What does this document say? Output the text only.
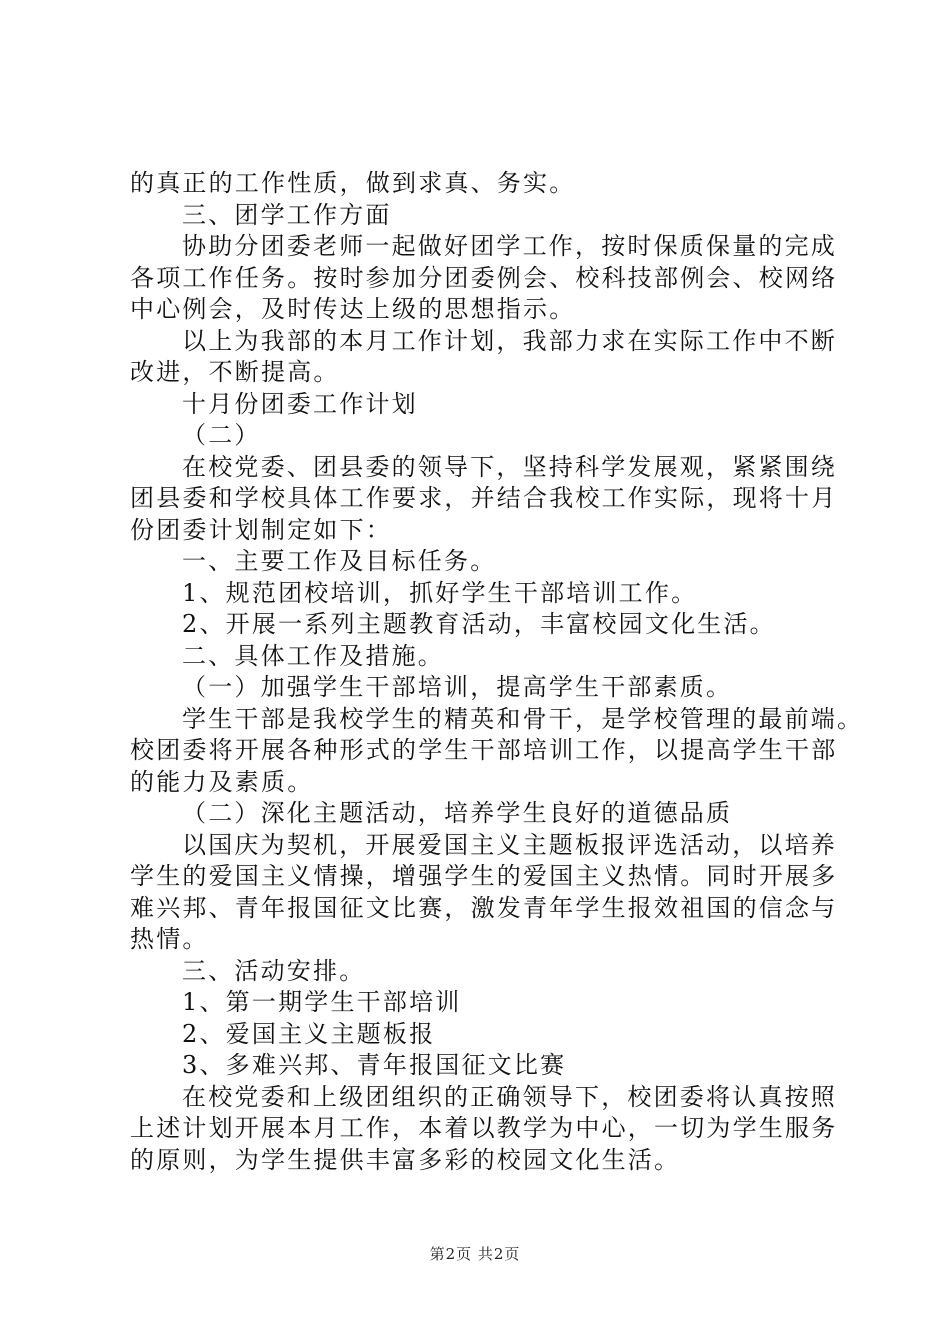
的真正的工作性质，做到求真、务实。
三、团学工作方面
协助分团委老师一起做好团学工作，按时保质保量的完成
各项工作任务。按时参加分团委例会、校科技部例会、校网络
中心例会，及时传达上级的思想指示。
以上为我部的本月工作计划，我部力求在实际工作中不断
改进，不断提高。
十月份团委工作计划
（二）
在校党委、团县委的领导下，坚持科学发展观，紧紧围绕
团县委和学校具体工作要求，并结合我校工作实际，现将十月
份团委计划制定如下：
一、主要工作及目标任务。
1、规范团校培训，抓好学生干部培训工作。
2、开展一系列主题教育活动，丰富校园文化生活。
二、具体工作及措施。
（一）加强学生干部培训，提高学生干部素质。
学生干部是我校学生的精英和骨干，是学校管理的最前端。
校团委将开展各种形式的学生干部培训工作，以提高学生干部
的能力及素质。
（二）深化主题活动，培养学生良好的道德品质
以国庆为契机，开展爱国主义主题板报评选活动，以培养
学生的爱国主义情操，增强学生的爱国主义热情。同时开展多
难兴邦、青年报国征文比赛，激发青年学生报效祖国的信念与
热情。
三、活动安排。
1、第一期学生干部培训
2、爱国主义主题板报
3、多难兴邦、青年报国征文比赛
在校党委和上级团组织的正确领导下，校团委将认真按照
上述计划开展本月工作，本着以教学为中心，一切为学生服务
的原则，为学生提供丰富多彩的校园文化生活。
第2页 共2页
